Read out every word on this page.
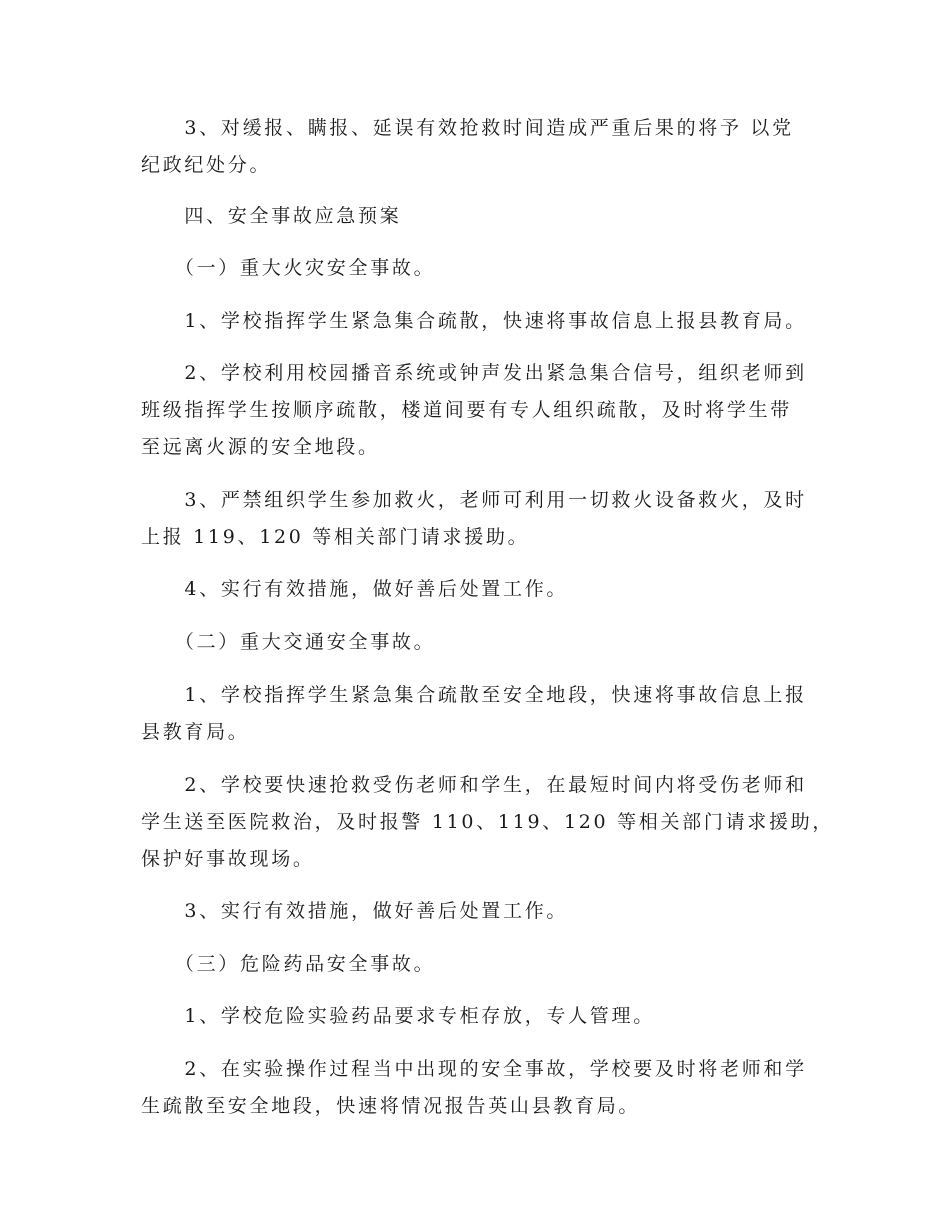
　　3、对缓报、瞒报、延误有效抢救时间造成严重后果的将予 以党
纪政纪处分。
　　四、安全事故应急预案
　　（一）重大火灾安全事故。
　　1、学校指挥学生紧急集合疏散，快速将事故信息上报县教育局。
　　2、学校利用校园播音系统或钟声发出紧急集合信号，组织老师到
班级指挥学生按顺序疏散，楼道间要有专人组织疏散，及时将学生带
至远离火源的安全地段。
　　3、严禁组织学生参加救火，老师可利用一切救火设备救火，及时
上报 119、120 等相关部门请求援助。
　　4、实行有效措施，做好善后处置工作。
　　（二）重大交通安全事故。
　　1、学校指挥学生紧急集合疏散至安全地段，快速将事故信息上报
县教育局。
　　2、学校要快速抢救受伤老师和学生，在最短时间内将受伤老师和
学生送至医院救治，及时报警 110、119、120 等相关部门请求援助，
保护好事故现场。
　　3、实行有效措施，做好善后处置工作。
　　（三）危险药品安全事故。
　　1、学校危险实验药品要求专柜存放，专人管理。
　　2、在实验操作过程当中出现的安全事故，学校要及时将老师和学
生疏散至安全地段，快速将情况报告英山县教育局。
